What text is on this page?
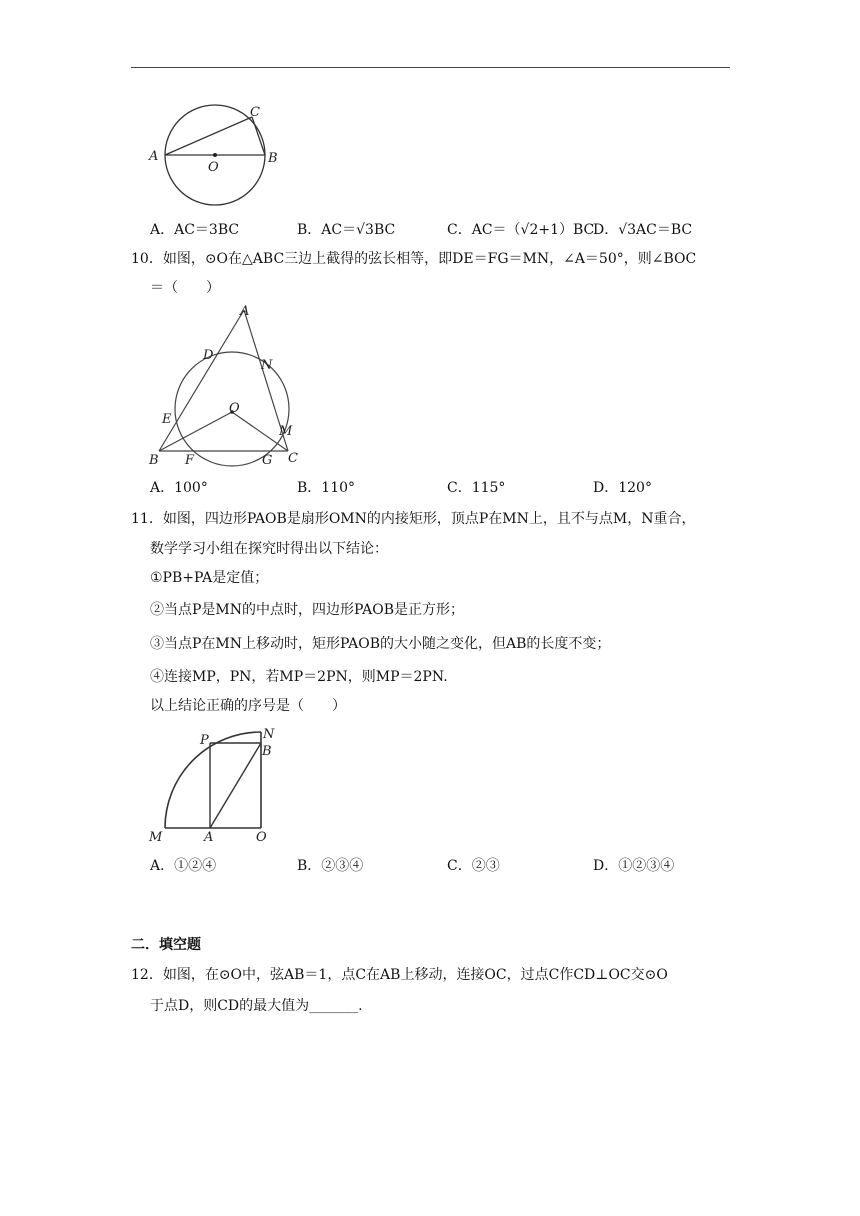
A	B
C
O
A．AC＝3BC	B．AC＝√3BC	C．AC＝（√2+1）BC
D．√3AC＝BC
10．如图，⊙O在△ABC三边上截得的弦长相等，即DE＝FG＝MN，∠A＝50°，则∠BOC
＝（　　）
A
B	C
D
N
E
O
M
F	G
A．100°	B．110°	C．115°	D．120°
11．如图，四边形PAOB是扇形OMN的内接矩形，顶点P在MN上，且不与点M，N重合，
数学学习小组在探究时得出以下结论：
①PB+PA是定值；
②当点P是MN的中点时，四边形PAOB是正方形；
③当点P在MN上移动时，矩形PAOB的大小随之变化，但AB的长度不变；
④连接MP，PN，若MP＝2PN，则MP＝2PN.
以上结论正确的序号是（　　）
P	N
B
M	A	O
A．①②④	B．②③④	C．②③	D．①②③④
二．填空题
12．如图，在⊙O中，弦AB＝1，点C在AB上移动，连接OC，过点C作CD⊥OC交⊙O
于点D，则CD的最大值为_______.
